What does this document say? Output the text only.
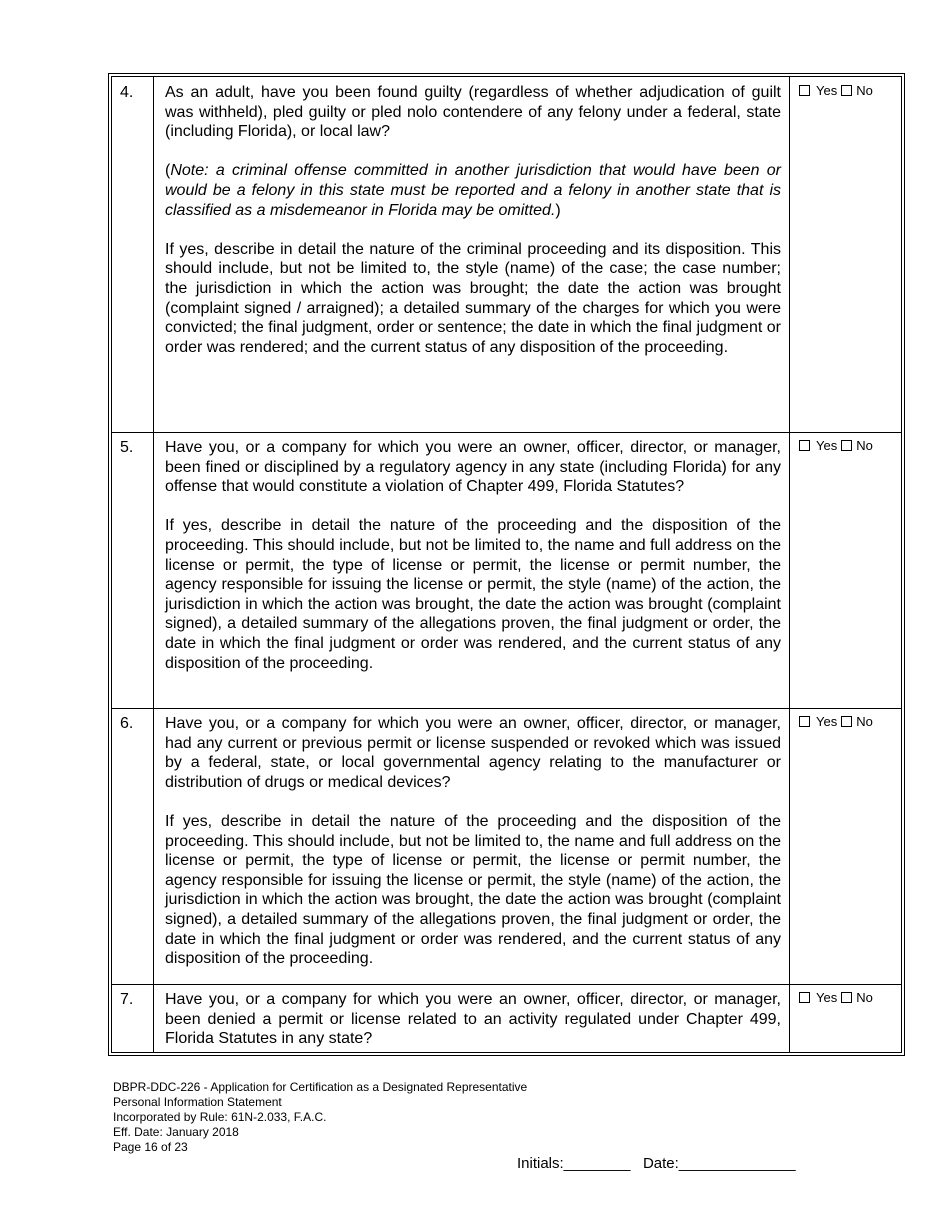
4.	As an adult, have you been found guilty (regardless of whether adjudication of guilt was withheld), pled guilty or pled nolo contendere of any felony under a federal, state (including Florida), or local law?

(Note: a criminal offense committed in another jurisdiction that would have been or would be a felony in this state must be reported and a felony in another state that is classified as a misdemeanor in Florida may be omitted.)

If yes, describe in detail the nature of the criminal proceeding and its disposition. This should include, but not be limited to, the style (name) of the case; the case number; the jurisdiction in which the action was brought; the date the action was brought (complaint signed / arraigned); a detailed summary of the charges for which you were convicted; the final judgment, order or sentence; the date in which the final judgment or order was rendered; and the current status of any disposition of the proceeding.

Yes No
5.	Have you, or a company for which you were an owner, officer, director, or manager, been fined or disciplined by a regulatory agency in any state (including Florida) for any offense that would constitute a violation of Chapter 499, Florida Statutes?

If yes, describe in detail the nature of the proceeding and the disposition of the proceeding. This should include, but not be limited to, the name and full address on the license or permit, the type of license or permit, the license or permit number, the agency responsible for issuing the license or permit, the style (name) of the action, the jurisdiction in which the action was brought, the date the action was brought (complaint signed), a detailed summary of the allegations proven, the final judgment or order, the date in which the final judgment or order was rendered, and the current status of any disposition of the proceeding.

Yes No
6.	Have you, or a company for which you were an owner, officer, director, or manager, had any current or previous permit or license suspended or revoked which was issued by a federal, state, or local governmental agency relating to the manufacturer or distribution of drugs or medical devices?

If yes, describe in detail the nature of the proceeding and the disposition of the proceeding. This should include, but not be limited to, the name and full address on the license or permit, the type of license or permit, the license or permit number, the agency responsible for issuing the license or permit, the style (name) of the action, the jurisdiction in which the action was brought, the date the action was brought (complaint signed), a detailed summary of the allegations proven, the final judgment or order, the date in which the final judgment or order was rendered, and the current status of any disposition of the proceeding.

Yes No
7.	Have you, or a company for which you were an owner, officer, director, or manager, been denied a permit or license related to an activity regulated under Chapter 499, Florida Statutes in any state?

Yes No
DBPR-DDC-226 - Application for Certification as a Designated Representative
Personal Information Statement
Incorporated by Rule: 61N-2.033, F.A.C.
Eff. Date: January 2018
Page 16 of 23
Initials:________ Date:______________
